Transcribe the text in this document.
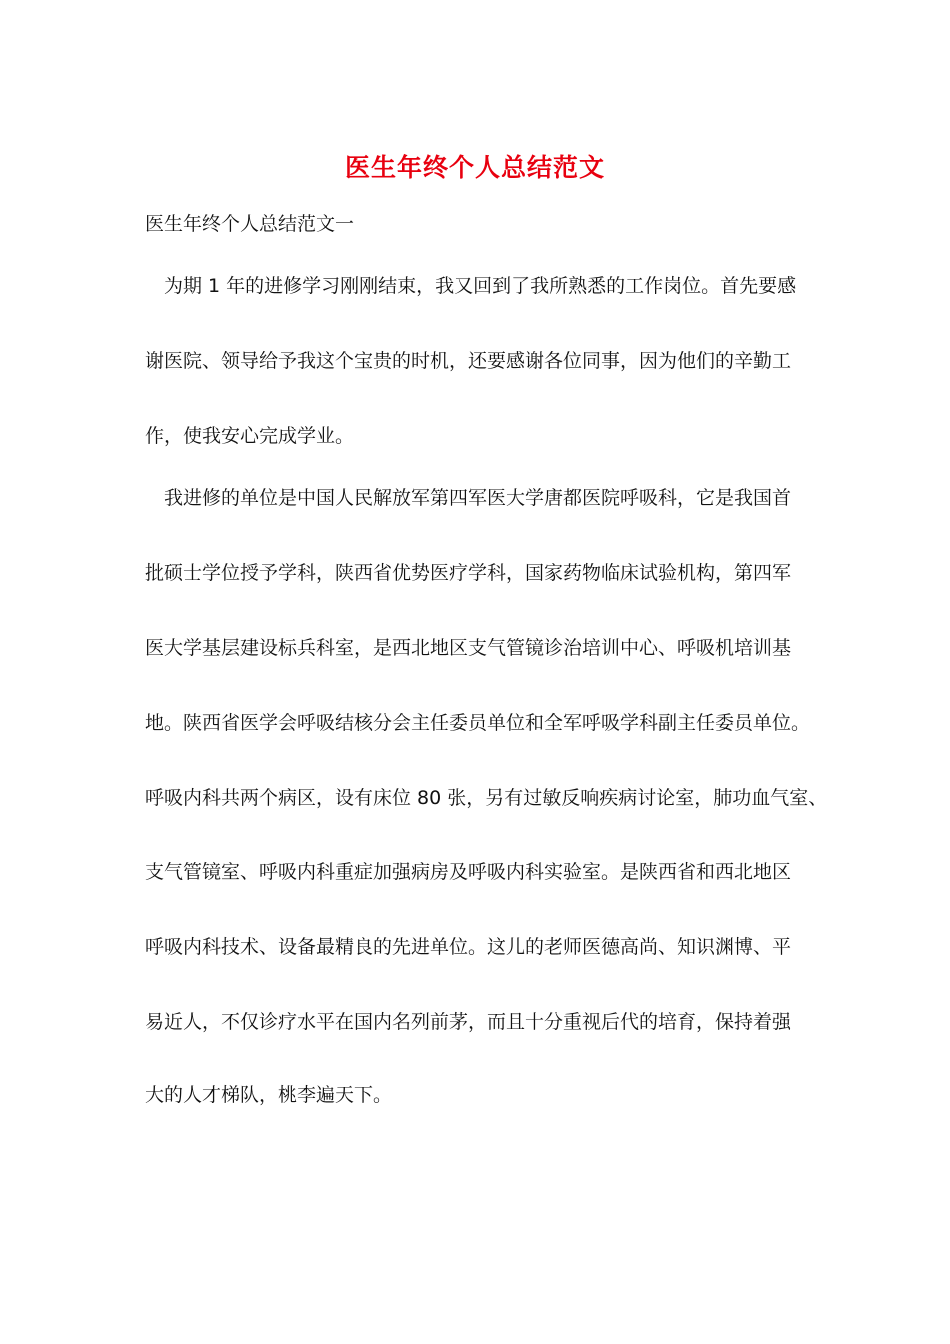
医生年终个人总结范文
医生年终个人总结范文一
为期 1 年的进修学习刚刚结束，我又回到了我所熟悉的工作岗位。首先要感
谢医院、领导给予我这个宝贵的时机，还要感谢各位同事，因为他们的辛勤工
作，使我安心完成学业。
我进修的单位是中国人民解放军第四军医大学唐都医院呼吸科，它是我国首
批硕士学位授予学科，陕西省优势医疗学科，国家药物临床试验机构，第四军
医大学基层建设标兵科室，是西北地区支气管镜诊治培训中心、呼吸机培训基
地。陕西省医学会呼吸结核分会主任委员单位和全军呼吸学科副主任委员单位。
呼吸内科共两个病区，设有床位 80 张，另有过敏反响疾病讨论室，肺功血气室、
支气管镜室、呼吸内科重症加强病房及呼吸内科实验室。是陕西省和西北地区
呼吸内科技术、设备最精良的先进单位。这儿的老师医德高尚、知识渊博、平
易近人，不仅诊疗水平在国内名列前茅，而且十分重视后代的培育，保持着强
大的人才梯队，桃李遍天下。
